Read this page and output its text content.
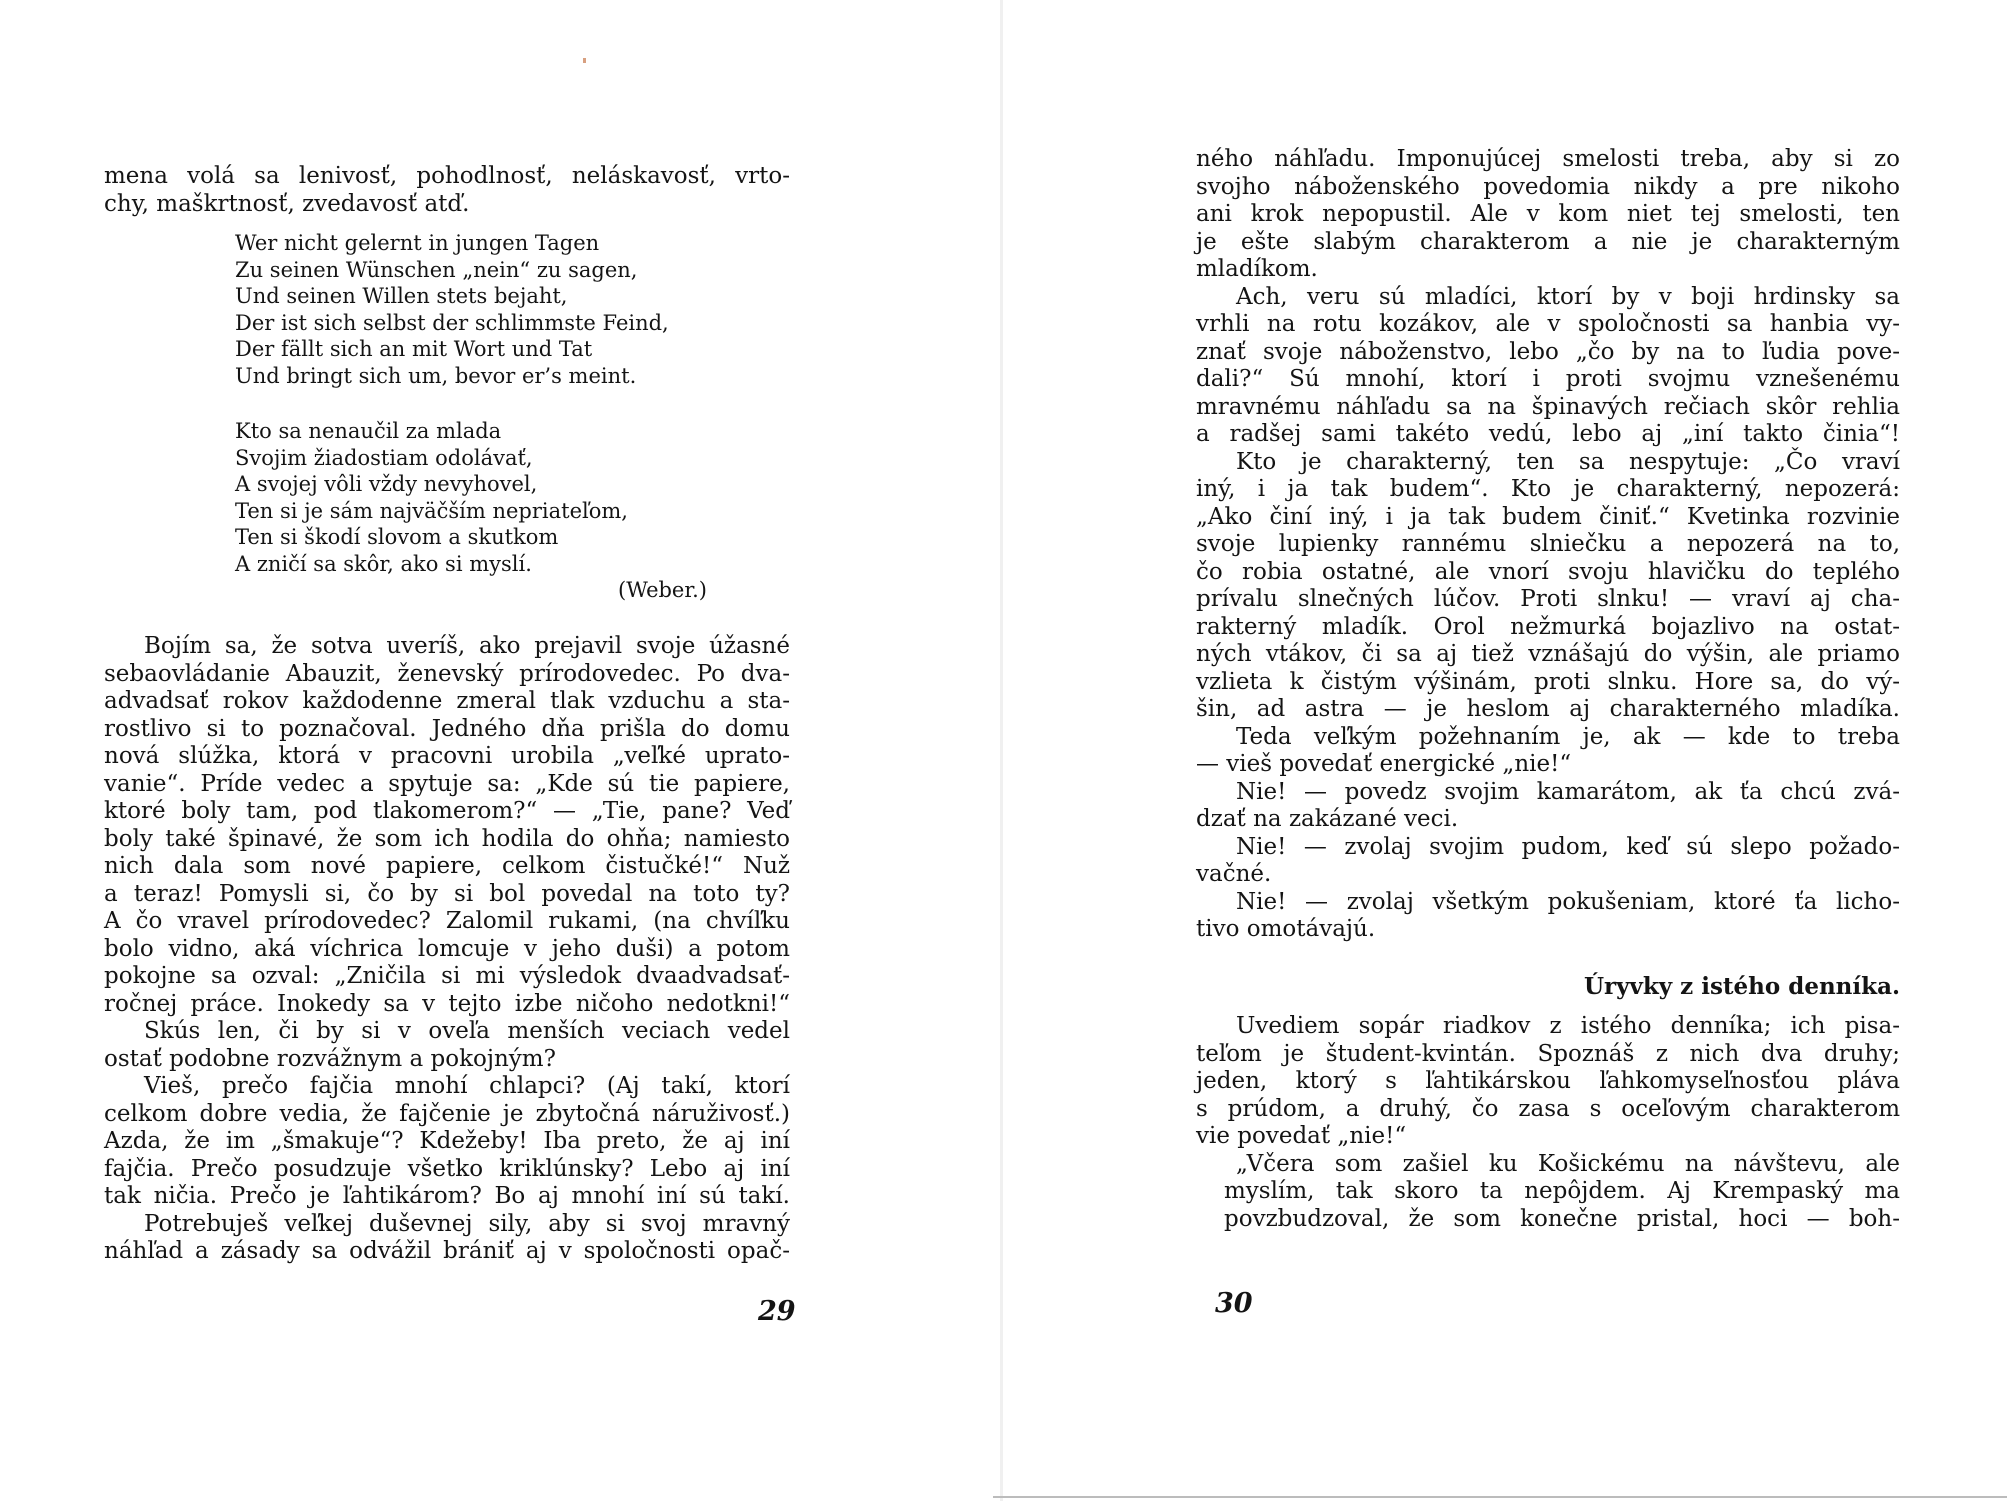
mena volá sa lenivosť, pohodlnosť, neláskavosť, vrto-
chy, maškrtnosť, zvedavosť atď.
Wer nicht gelernt in jungen Tagen
Zu seinen Wünschen „nein“ zu sagen,
Und seinen Willen stets bejaht,
Der ist sich selbst der schlimmste Feind,
Der fällt sich an mit Wort und Tat
Und bringt sich um, bevor er’s meint.
Kto sa nenaučil za mlada
Svojim žiadostiam odolávať,
A svojej vôli vždy nevyhovel,
Ten si je sám najväčším nepriateľom,
Ten si škodí slovom a skutkom
A zničí sa skôr, ako si myslí.
(Weber.)
Bojím sa, že sotva uveríš, ako prejavil svoje úžasné
sebaovládanie Abauzit, ženevský prírodovedec. Po dva-
advadsať rokov každodenne zmeral tlak vzduchu a sta-
rostlivo si to poznačoval. Jedného dňa prišla do domu
nová slúžka, ktorá v pracovni urobila „veľké upratο-
vanie“. Príde vedec a spytuje sa: „Kde sú tie papiere,
ktoré boly tam, pod tlakomerom?“ — „Tie, pane? Veď
boly také špinavé, že som ich hodila do ohňa; namiesto
nich dala som nové papiere, celkom čistučké!“ Nuž
a teraz! Pomysli si, čo by si bol povedal na toto ty?
A čo vravel prírodovedec? Zalomil rukami, (na chvíľku
bolo vidno, aká víchrica lomcuje v jeho duši) a potom
pokojne sa ozval: „Zničila si mi výsledok dvaadvadsať-
ročnej práce. Inokedy sa v tejto izbe ničoho nedotkni!“
Skús len, či by si v oveľa menších veciach vedel
ostať podobne rozvážnym a pokojným?
Vieš, prečo fajčia mnohí chlapci? (Aj takí, ktorí
celkom dobre vedia, že fajčenie je zbytočná náruživosť.)
Azda, že im „šmakuje“? Kdežeby! Iba preto, že aj iní
fajčia. Prečo posudzuje všetko kriklúnsky? Lebo aj iní
tak ničia. Prečo je ľahtikárom? Bo aj mnohí iní sú takí.
Potrebuješ veľkej duševnej sily, aby si svoj mravný
náhľad a zásady sa odvážil brániť aj v spoločnosti opač-
29
ného náhľadu. Imponujúcej smelosti treba, aby si zo
svojho náboženského povedomia nikdy a pre nikoho
ani krok nepopustil. Ale v kom niet tej smelosti, ten
je ešte slabým charakterom a nie je charakterným
mladíkom.
Ach, veru sú mladíci, ktorí by v boji hrdinsky sa
vrhli na rotu kozákov, ale v spoločnosti sa hanbia vy-
znať svoje náboženstvo, lebo „čo by na to ľudia pove-
dali?“ Sú mnohí, ktorí i proti svojmu vznešenému
mravnému náhľadu sa na špinavých rečiach skôr rehlia
a radšej sami takéto vedú, lebo aj „iní takto činia“!
Kto je charakterný, ten sa nespytuje: „Čo vraví
iný, i ja tak budem“. Kto je charakterný, nepozerá:
„Ako činí iný, i ja tak budem činiť.“ Kvetinka rozvinie
svoje lupienky rannému slniečku a nepozerá na to,
čo robia ostatné, ale vnorí svoju hlavičku do teplého
prívalu slnečných lúčov. Proti slnku! — vraví aj cha-
rakterný mladík. Orol nežmurká bojazlivo na ostat-
ných vtákov, či sa aj tiež vznášajú do výšin, ale priamo
vzlieta k čistým výšinám, proti slnku. Hore sa, do vý-
šin, ad astra — je heslom aj charakterného mladíka.
Teda veľkým požehnaním je, ak — kde to treba
— vieš povedať energické „nie!“
Nie! — povedz svojim kamarátom, ak ťa chcú zvá-
dzať na zakázané veci.
Nie! — zvolaj svojim pudom, keď sú slepo požado-
vačné.
Nie! — zvolaj všetkým pokušeniam, ktoré ťa licho-
tivo omotávajú.
Úryvky z istého denníka.
Uvediem sopár riadkov z istého denníka; ich pisa-
teľom je študent-kvintán. Spoznáš z nich dva druhy;
jeden, ktorý s ľahtikárskou ľahkomyseľnosťou pláva
s prúdom, a druhý, čo zasa s oceľovým charakterom
vie povedať „nie!“
„Včera som zašiel ku Košickému na návštevu, ale
myslím, tak skoro ta nepôjdem. Aj Krempaský ma
povzbudzoval, že som konečne pristal, hoci — boh-
30
